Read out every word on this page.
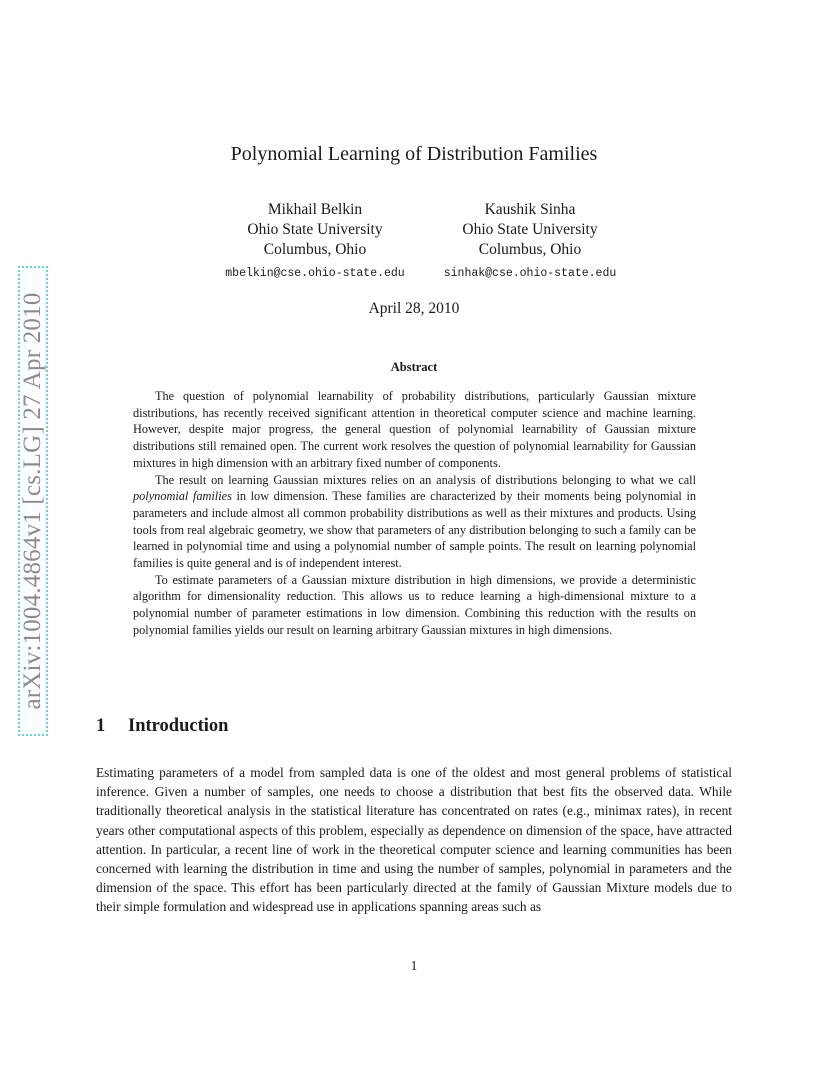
arXiv:1004.4864v1 [cs.LG] 27 Apr 2010
Polynomial Learning of Distribution Families
Mikhail Belkin
Ohio State University
Columbus, Ohio
mbelkin@cse.ohio-state.edu
Kaushik Sinha
Ohio State University
Columbus, Ohio
sinhak@cse.ohio-state.edu
April 28, 2010
Abstract

The question of polynomial learnability of probability distributions, particularly Gaussian mixture distributions, has recently received significant attention in theoretical computer science and machine learning. However, despite major progress, the general question of polynomial learnability of Gaussian mixture distributions still remained open. The current work resolves the question of polynomial learnability for Gaussian mixtures in high dimension with an arbitrary fixed number of components.

The result on learning Gaussian mixtures relies on an analysis of distributions belonging to what we call polynomial families in low dimension. These families are characterized by their moments being polynomial in parameters and include almost all common probability distributions as well as their mixtures and products. Using tools from real algebraic geometry, we show that parameters of any distribution belonging to such a family can be learned in polynomial time and using a polynomial number of sample points. The result on learning polynomial families is quite general and is of independent interest.

To estimate parameters of a Gaussian mixture distribution in high dimensions, we provide a deterministic algorithm for dimensionality reduction. This allows us to reduce learning a high-dimensional mixture to a polynomial number of parameter estimations in low dimension. Combining this reduction with the results on polynomial families yields our result on learning arbitrary Gaussian mixtures in high dimensions.

1 Introduction

Estimating parameters of a model from sampled data is one of the oldest and most general problems of statistical inference. Given a number of samples, one needs to choose a distribution that best fits the observed data. While traditionally theoretical analysis in the statistical literature has concentrated on rates (e.g., minimax rates), in recent years other computational aspects of this problem, especially as dependence on dimension of the space, have attracted attention. In particular, a recent line of work in the theoretical computer science and learning communities has been concerned with learning the distribution in time and using the number of samples, polynomial in parameters and the dimension of the space. This effort has been particularly directed at the family of Gaussian Mixture models due to their simple formulation and widespread use in applications spanning areas such as

1
